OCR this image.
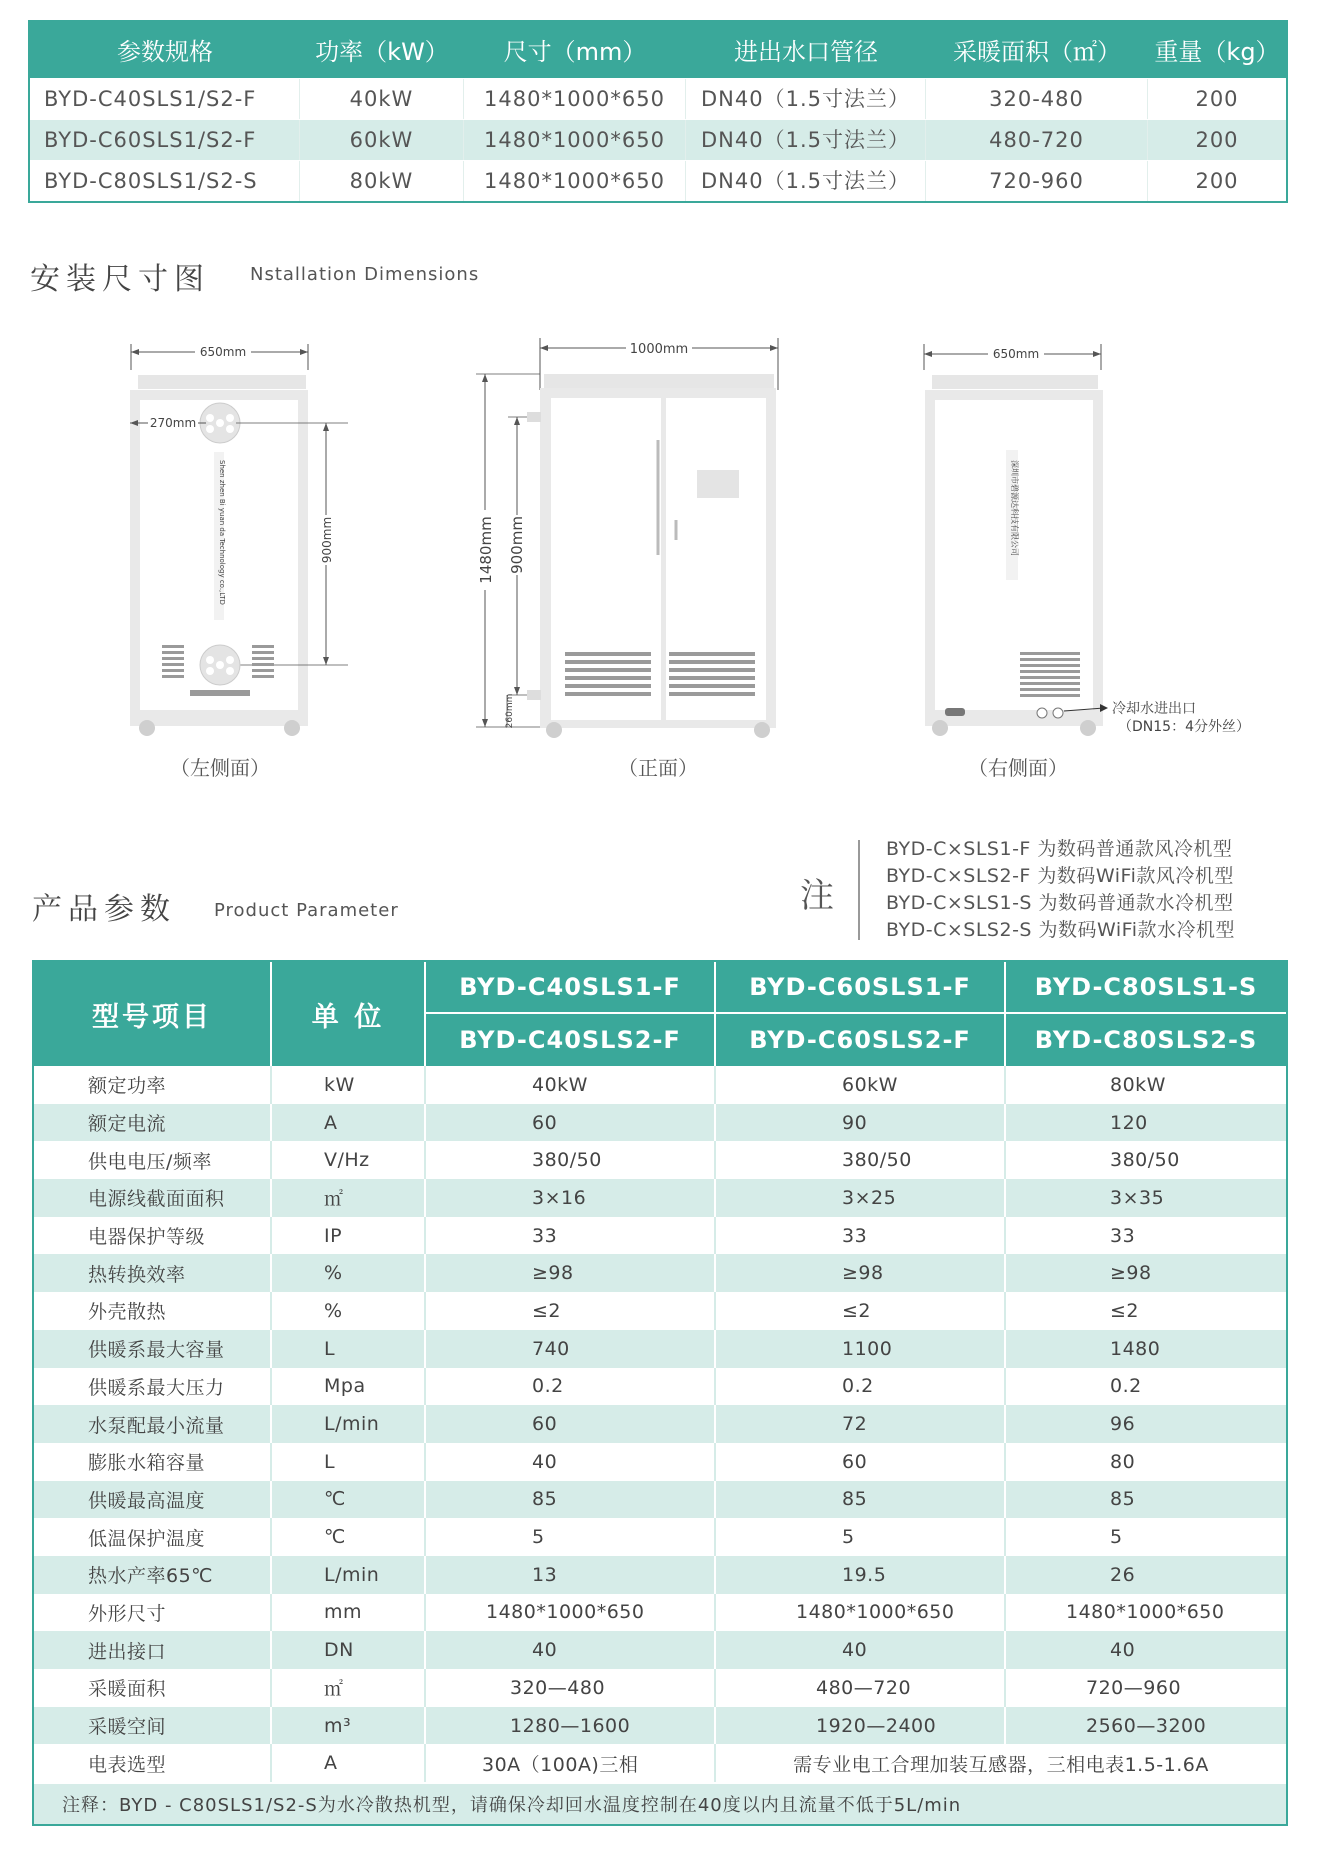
参数规格	功率（kW）	尺寸（mm）	进出水口管径	采暖面积（㎡）	重量（kg）
BYD-C40SLS1/S2-F	40kW	1480*1000*650	DN40（1.5寸法兰）	320-480	200
BYD-C60SLS1/S2-F	60kW	1480*1000*650	DN40（1.5寸法兰）	480-720	200
BYD-C80SLS1/S2-S	80kW	1480*1000*650	DN40（1.5寸法兰）	720-960	200
安装尺寸图 Nstallation Dimensions
650mm
270mm
Shen zhen Bi yuan da Technology co.,LTD	900mm
1000mm
1480mm 900mm
260mm
650mm
深圳市碧源达科技有限公司
冷却水进出口
（DN15：4分外丝）
（左侧面）	（正面）	（右侧面）
产品参数 Product Parameter	注
BYD-C×SLS1-F 为数码普通款风冷机型
BYD-C×SLS2-F 为数码WiFi款风冷机型
BYD-C×SLS1-S 为数码普通款水冷机型
BYD-C×SLS2-S 为数码WiFi款水冷机型
型号项目	单 位
BYD-C40SLS1-F	BYD-C60SLS1-F	BYD-C80SLS1-S
BYD-C40SLS2-F	BYD-C60SLS2-F	BYD-C80SLS2-S
额定功率	kW	40kW	60kW	80kW
额定电流	A	60	90	120
供电电压/频率	V/Hz	380/50	380/50	380/50
电源线截面面积	㎡	3×16	3×25	3×35
电器保护等级	IP	33	33	33
热转换效率	%	≥98	≥98	≥98
外壳散热	%	≤2	≤2	≤2
供暖系最大容量	L	740	1100	1480
供暖系最大压力	Mpa	0.2	0.2	0.2
水泵配最小流量	L/min	60	72	96
膨胀水箱容量	L	40	60	80
供暖最高温度	℃	85	85	85
低温保护温度	℃	5	5	5
热水产率65℃	L/min	13	19.5	26
外形尺寸	mm	1480*1000*650	1480*1000*650	1480*1000*650
进出接口	DN	40	40	40
采暖面积	㎡	320—480	480—720	720—960
采暖空间	m³	1280—1600	1920—2400	2560—3200
电表选型	A	30A（100A)三相	需专业电工合理加装互感器，三相电表1.5-1.6A
注释：BYD - C80SLS1/S2-S为水冷散热机型，请确保冷却回水温度控制在40度以内且流量不低于5L/min
